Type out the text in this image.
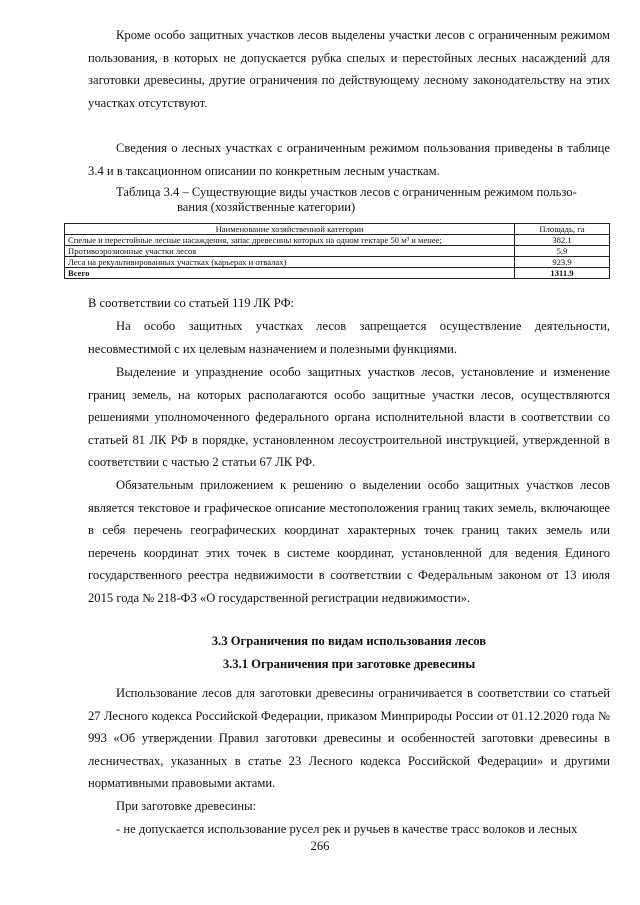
Кроме особо защитных участков лесов выделены участки лесов с ограниченным режимом пользования, в которых не допускается рубка спелых и перестойных лесных насаждений для заготовки древесины, другие ограничения по действующему лесному законодательству на этих участках отсутствуют.

Сведения о лесных участках с ограниченным режимом пользования приведены в таблице 3.4 и в таксационном описании по конкретным лесным участкам.

Таблица 3.4 – Существующие виды участков лесов с ограниченным режимом пользо-
вания (хозяйственные категории)
Наименование хозяйственной категории	Площадь, га
Спелые и перестойные лесные насаждения, запас древесины которых на одном гектаре 50 м³ и менее;	382.1
Противоэрозионные участки лесов	5.9
Леса на рекультивированных участках (карьерах и отвалах)	923.9
Всего	1311.9

В соответствии со статьей 119 ЛК РФ:

На особо защитных участках лесов запрещается осуществление деятельности, несовместимой с их целевым назначением и полезными функциями.

Выделение и упразднение особо защитных участков лесов, установление и изменение границ земель, на которых располагаются особо защитные участки лесов, осуществляются решениями уполномоченного федерального органа исполнительной власти в соответствии со статьей 81 ЛК РФ в порядке, установленном лесоустроительной инструкцией, утвержденной в соответствии с частью 2 статьи 67 ЛК РФ.

Обязательным приложением к решению о выделении особо защитных участков лесов является текстовое и графическое описание местоположения границ таких земель, включающее в себя перечень географических координат характерных точек границ таких земель или перечень координат этих точек в системе координат, установленной для ведения Единого государственного реестра недвижимости в соответствии с Федеральным законом от 13 июля 2015 года № 218-ФЗ «О государственной регистрации недвижимости».

3.3 Ограничения по видам использования лесов

3.3.1 Ограничения при заготовке древесины

Использование лесов для заготовки древесины ограничивается в соответствии со статьей 27 Лесного кодекса Российской Федерации, приказом Минприроды России от 01.12.2020 года № 993 «Об утверждении Правил заготовки древесины и особенностей заготовки древесины в лесничествах, указанных в статье 23 Лесного кодекса Российской Федерации» и другими нормативными правовыми актами.

При заготовке древесины:

- не допускается использование русел рек и ручьев в качестве трасс волоков и лесных

266
